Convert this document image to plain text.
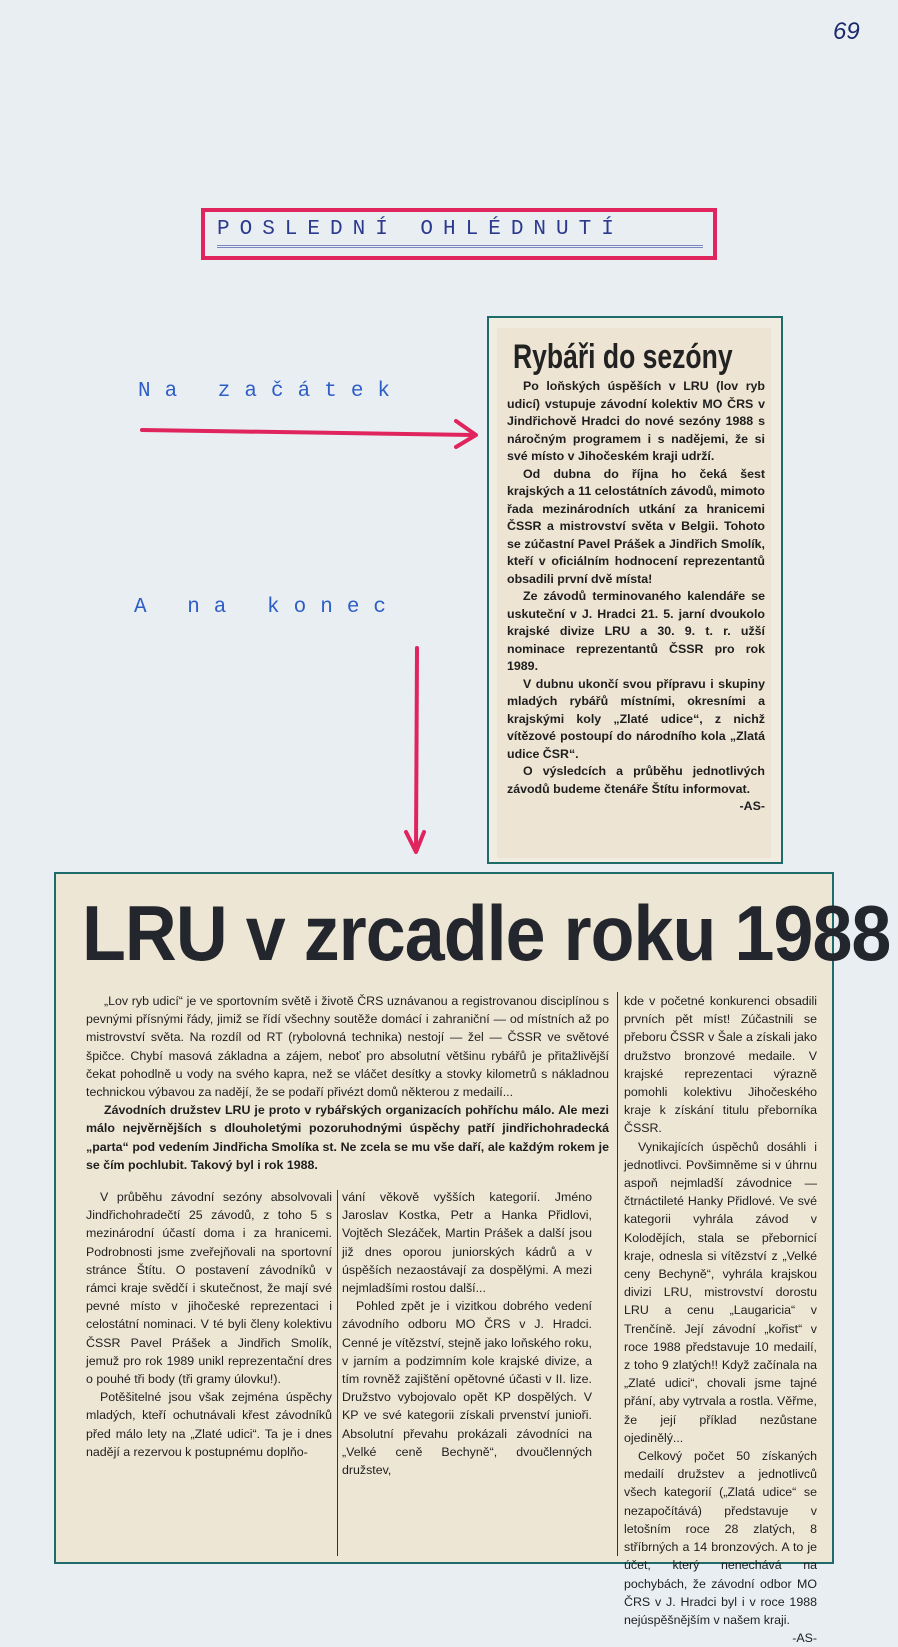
69
POSLEDNÍ OHLÉDNUTÍ
Na začátek
A na konec
Rybáři do sezóny

Po loňských úspěších v LRU (lov ryb udicí) vstupuje závodní kolektiv MO ČRS v Jindřichově Hradci do nové sezóny 1988 s náročným programem i s nadějemi, že si své místo v Jihočeském kraji udrží.

Od dubna do října ho čeká šest krajských a 11 celostátních závodů, mimoto řada mezinárodních utkání za hranicemi ČSSR a mistrovství světa v Belgii. Tohoto se zúčastní Pavel Prášek a Jindřich Smolík, kteří v oficiálním hodnocení reprezentantů obsadili první dvě místa!

Ze závodů terminovaného kalendáře se uskuteční v J. Hradci 21. 5. jarní dvoukolo krajské divize LRU a 30. 9. t. r. užší nominace reprezentantů ČSSR pro rok 1989.

V dubnu ukončí svou přípravu i skupiny mladých rybářů místními, okresními a krajskými koly „Zlaté udice“, z nichž vítězové postoupí do národního kola „Zlatá udice ČSR“.

O výsledcích a průběhu jednotlivých závodů budeme čtenáře Štítu informovat.

-AS-
LRU v zrcadle roku 1988

„Lov ryb udicí“ je ve sportovním světě i životě ČRS uznávanou a registrovanou disciplínou s pevnými přísnými řády, jimiž se řídí všechny soutěže domácí i zahraniční — od místních až po mistrovství světa. Na rozdíl od RT (rybolovná technika) nestojí — žel — ČSSR ve světové špičce. Chybí masová základna a zájem, neboť pro absolutní většinu rybářů je přitažlivější čekat pohodlně u vody na svého kapra, než se vláčet desítky a stovky kilometrů s nákladnou technickou výbavou za nadějí, že se podaří přivézt domů některou z medailí...

Závodních družstev LRU je proto v rybářských organizacích pohříchu málo. Ale mezi málo nejvěrnějších s dlouholetými pozoruhodnými úspěchy patří jindřichohradecká „parta“ pod vedením Jindřicha Smolíka st. Ne zcela se mu vše daří, ale každým rokem je se čím pochlubit. Takový byl i rok 1988.

V průběhu závodní sezóny absolvovali Jindřichohradečtí 25 závodů, z toho 5 s mezinárodní účastí doma i za hranicemi. Podrobnosti jsme zveřejňovali na sportovní stránce Štítu. O postavení závodníků v rámci kraje svědčí i skutečnost, že mají své pevné místo v jihočeské reprezentaci i celostátní nominaci. V té byli členy kolektivu ČSSR Pavel Prášek a Jindřich Smolík, jemuž pro rok 1989 unikl reprezentační dres o pouhé tři body (tři gramy úlovku!).

Potěšitelné jsou však zejména úspěchy mladých, kteří ochutnávali křest závodníků před málo lety na „Zlaté udici“. Ta je i dnes nadějí a rezervou k postupnému doplňo-

vání věkově vyšších kategorií. Jméno Jaroslav Kostka, Petr a Hanka Přidlovi, Vojtěch Slezáček, Martin Prášek a další jsou již dnes oporou juniorských kádrů a v úspěších nezaostávají za dospělými. A mezi nejmladšími rostou další...

Pohled zpět je i vizitkou dobrého vedení závodního odboru MO ČRS v J. Hradci. Cenné je vítězství, stejně jako loňského roku, v jarním a podzimním kole krajské divize, a tím rovněž zajištění opětovné účasti v II. lize. Družstvo vybojovalo opět KP dospělých. V KP ve své kategorii získali prvenství junioři. Absolutní převahu prokázali závodníci na „Velké ceně Bechyně“, dvoučlenných družstev,

kde v početné konkurenci obsadili prvních pět míst! Zúčastnili se přeboru ČSSR v Šale a získali jako družstvo bronzové medaile. V krajské reprezentaci výrazně pomohli kolektivu Jihočeského kraje k získání titulu přeborníka ČSSR.

Vynikajících úspěchů dosáhli i jednotlivci. Povšimněme si v úhrnu aspoň nejmladší závodnice — čtrnáctileté Hanky Přidlové. Ve své kategorii vyhrála závod v Kolodějích, stala se přebornicí kraje, odnesla si vítězství z „Velké ceny Bechyně“, vyhrála krajskou divizi LRU, mistrovství dorostu LRU a cenu „Laugaricia“ v Trenčíně. Její závodní „kořist“ v roce 1988 představuje 10 medailí, z toho 9 zlatých!! Když začínala na „Zlaté udici“, chovali jsme tajné přání, aby vytrvala a rostla. Věřme, že její příklad nezůstane ojedinělý...

Celkový počet 50 získaných medailí družstev a jednotlivců všech kategorií („Zlatá udice“ se nezapočítává) představuje v letošním roce 28 zlatých, 8 stříbrných a 14 bronzových. A to je účet, který nenechává na pochybách, že závodní odbor MO ČRS v J. Hradci byl i v roce 1988 nejúspěšnějším v našem kraji.

-AS-
